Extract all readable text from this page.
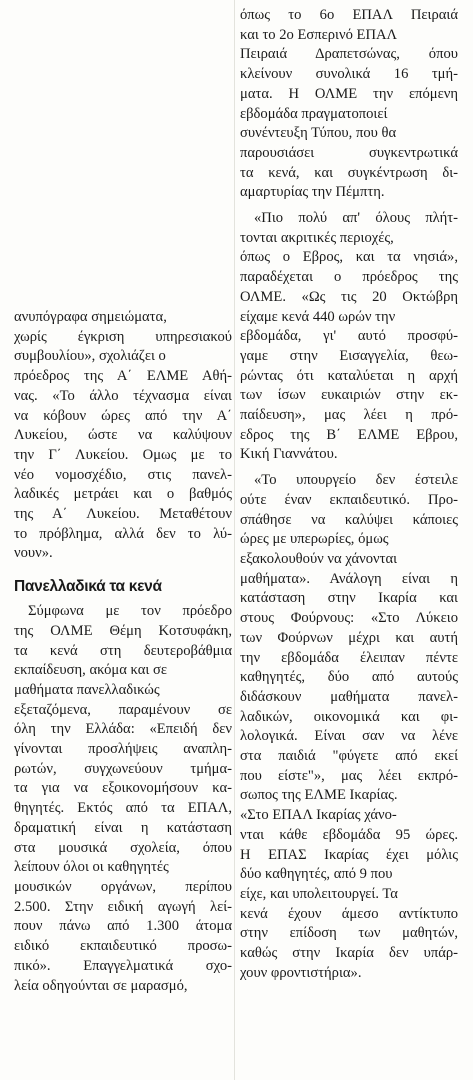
ανυπόγραφα σημειώματα,
χωρίς έγκριση υπηρεσιακού
συμβουλίου», σχολιάζει ο
πρόεδρος της Α΄ ΕΛΜΕ Αθή-
νας. «Το άλλο τέχνασμα είναι
να κόβουν ώρες από την Α΄
Λυκείου, ώστε να καλύψουν
την Γ΄ Λυκείου. Ομως με το
νέο νομοσχέδιο, στις πανελ-
λαδικές μετράει και ο βαθμός
της Α΄ Λυκείου. Μεταθέτουν
το πρόβλημα, αλλά δεν το λύ-
νουν».
Πανελλαδικά τα κενά
Σύμφωνα με τον πρόεδρο
της ΟΛΜΕ Θέμη Κοτσυφάκη,
τα κενά στη δευτεροβάθμια
εκπαίδευση, ακόμα και σε
μαθήματα πανελλαδικώς
εξεταζόμενα, παραμένουν σε
όλη την Ελλάδα: «Επειδή δεν
γίνονται προσλήψεις αναπλη-
ρωτών, συγχωνεύουν τμήμα-
τα για να εξοικονομήσουν κα-
θηγητές. Εκτός από τα ΕΠΑΛ,
δραματική είναι η κατάσταση
στα μουσικά σχολεία, όπου
λείπουν όλοι οι καθηγητές
μουσικών οργάνων, περίπου
2.500. Στην ειδική αγωγή λεί-
πουν πάνω από 1.300 άτομα
ειδικό εκπαιδευτικό προσω-
πικό». Επαγγελματικά σχο-
λεία οδηγούνται σε μαρασμό,
όπως το 6ο ΕΠΑΛ Πειραιά
και το 2ο Εσπερινό ΕΠΑΛ
Πειραιά Δραπετσώνας, όπου
κλείνουν συνολικά 16 τμή-
ματα. Η ΟΛΜΕ την επόμενη
εβδομάδα πραγματοποιεί
συνέντευξη Τύπου, που θα
παρουσιάσει συγκεντρωτικά
τα κενά, και συγκέντρωση δι-
αμαρτυρίας την Πέμπτη.
«Πιο πολύ απ' όλους πλήτ-
τονται ακριτικές περιοχές,
όπως ο Εβρος, και τα νησιά»,
παραδέχεται ο πρόεδρος της
ΟΛΜΕ. «Ως τις 20 Οκτώβρη
είχαμε κενά 440 ωρών την
εβδομάδα, γι' αυτό προσφύ-
γαμε στην Εισαγγελία, θεω-
ρώντας ότι καταλύεται η αρχή
των ίσων ευκαιριών στην εκ-
παίδευση», μας λέει η πρό-
εδρος της Β΄ ΕΛΜΕ Εβρου,
Κική Γιαννάτου.
«Το υπουργείο δεν έστειλε
ούτε έναν εκπαιδευτικό. Προ-
σπάθησε να καλύψει κάποιες
ώρες με υπερωρίες, όμως
εξακολουθούν να χάνονται
μαθήματα». Ανάλογη είναι η
κατάσταση στην Ικαρία και
στους Φούρνους: «Στο Λύκειο
των Φούρνων μέχρι και αυτή
την εβδομάδα έλειπαν πέντε
καθηγητές, δύο από αυτούς
διδάσκουν μαθήματα πανελ-
λαδικών, οικονομικά και φι-
λολογικά. Είναι σαν να λένε
στα παιδιά "φύγετε από εκεί
που είστε"», μας λέει εκπρό-
σωπος της ΕΛΜΕ Ικαρίας.
«Στο ΕΠΑΛ Ικαρίας χάνο-
νται κάθε εβδομάδα 95 ώρες.
Η ΕΠΑΣ Ικαρίας έχει μόλις
δύο καθηγητές, από 9 που
είχε, και υπολειτουργεί. Τα
κενά έχουν άμεσο αντίκτυπο
στην επίδοση των μαθητών,
καθώς στην Ικαρία δεν υπάρ-
χουν φροντιστήρια».
